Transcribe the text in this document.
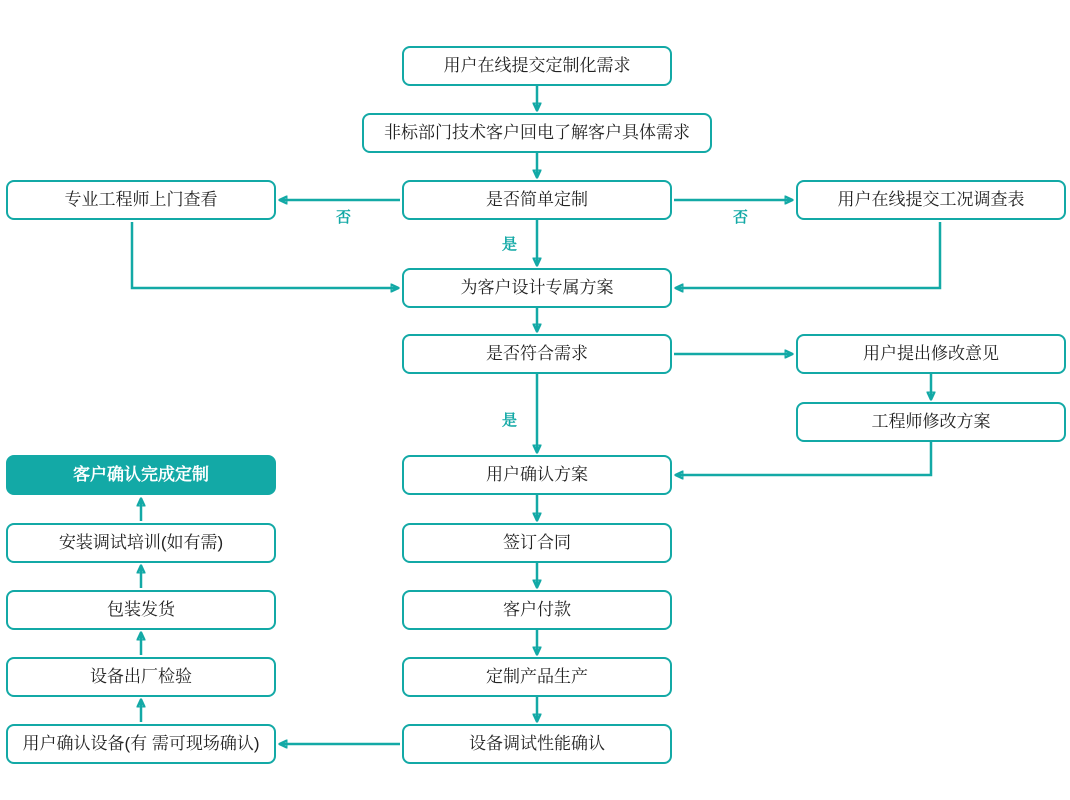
用户在线提交定制化需求
非标部门技术客户回电了解客户具体需求
是否简单定制
专业工程师上门查看	用户在线提交工况调查表
为客户设计专属方案
是否符合需求	用户提出修改意见
工程师修改方案
用户确认方案
客户确认完成定制
签订合同
安装调试培训(如有需)
客户付款
包装发货
定制产品生产
设备出厂检验
设备调试性能确认
用户确认设备(有 需可现场确认)
否	否
是
是
